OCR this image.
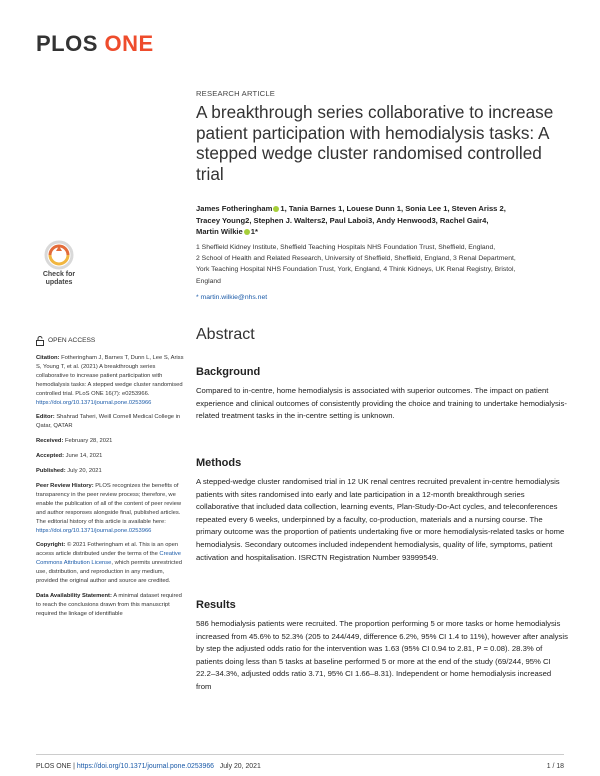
PLOS ONE
RESEARCH ARTICLE
A breakthrough series collaborative to increase patient participation with hemodialysis tasks: A stepped wedge cluster randomised controlled trial
James Fotheringham 1, Tania Barnes 1, Louese Dunn 1, Sonia Lee 1, Steven Ariss 2,
Tracey Young2, Stephen J. Walters2, Paul Laboi3, Andy Henwood3, Rachel Gair4,
Martin Wilkie 1*
1 Sheffield Kidney Institute, Sheffield Teaching Hospitals NHS Foundation Trust, Sheffield, England,
2 School of Health and Related Research, University of Sheffield, Sheffield, England, 3 Renal Department,
York Teaching Hospital NHS Foundation Trust, York, England, 4 Think Kidneys, UK Renal Registry, Bristol,
England
* martin.wilkie@nhs.net
Check for
updates
OPEN ACCESS

Citation: Fotheringham J, Barnes T, Dunn L, Lee S, Ariss S, Young T, et al. (2021) A breakthrough series collaborative to increase patient participation with hemodialysis tasks: A stepped wedge cluster randomised controlled trial. PLoS ONE 16(7): e0253966. https://doi.org/10.1371/journal.pone.0253966

Editor: Shahrad Taheri, Weill Cornell Medical College in Qatar, QATAR

Received: February 28, 2021

Accepted: June 14, 2021

Published: July 20, 2021

Peer Review History: PLOS recognizes the benefits of transparency in the peer review process; therefore, we enable the publication of all of the content of peer review and author responses alongside final, published articles. The editorial history of this article is available here: https://doi.org/10.1371/journal.pone.0253966

Copyright: © 2021 Fotheringham et al. This is an open access article distributed under the terms of the Creative Commons Attribution License, which permits unrestricted use, distribution, and reproduction in any medium, provided the original author and source are credited.

Data Availability Statement: A minimal dataset required to reach the conclusions drawn from this manuscript required the linkage of identifiable

Abstract
Background
Compared to in-centre, home hemodialysis is associated with superior outcomes. The impact on patient experience and clinical outcomes of consistently providing the choice and training to undertake hemodialysis-related treatment tasks in the in-centre setting is unknown.
Methods
A stepped-wedge cluster randomised trial in 12 UK renal centres recruited prevalent in-centre hemodialysis patients with sites randomised into early and late participation in a 12-month breakthrough series collaborative that included data collection, learning events, Plan-Study-Do-Act cycles, and teleconferences repeated every 6 weeks, underpinned by a faculty, co-production, materials and a nursing course. The primary outcome was the proportion of patients undertaking five or more hemodialysis-related tasks or home hemodialysis. Secondary outcomes included independent hemodialysis, quality of life, symptoms, patient activation and hospitalisation. ISRCTN Registration Number 93999549.
Results
586 hemodialysis patients were recruited. The proportion performing 5 or more tasks or home hemodialysis increased from 45.6% to 52.3% (205 to 244/449, difference 6.2%, 95% CI 1.4 to 11%), however after analysis by step the adjusted odds ratio for the intervention was 1.63 (95% CI 0.94 to 2.81, P = 0.08). 28.3% of patients doing less than 5 tasks at baseline performed 5 or more at the end of the study (69/244, 95% CI 22.2–34.3%, adjusted odds ratio 3.71, 95% CI 1.66–8.31). Independent or home hemodialysis increased from
PLOS ONE | https://doi.org/10.1371/journal.pone.0253966 July 20, 2021	1 / 18
